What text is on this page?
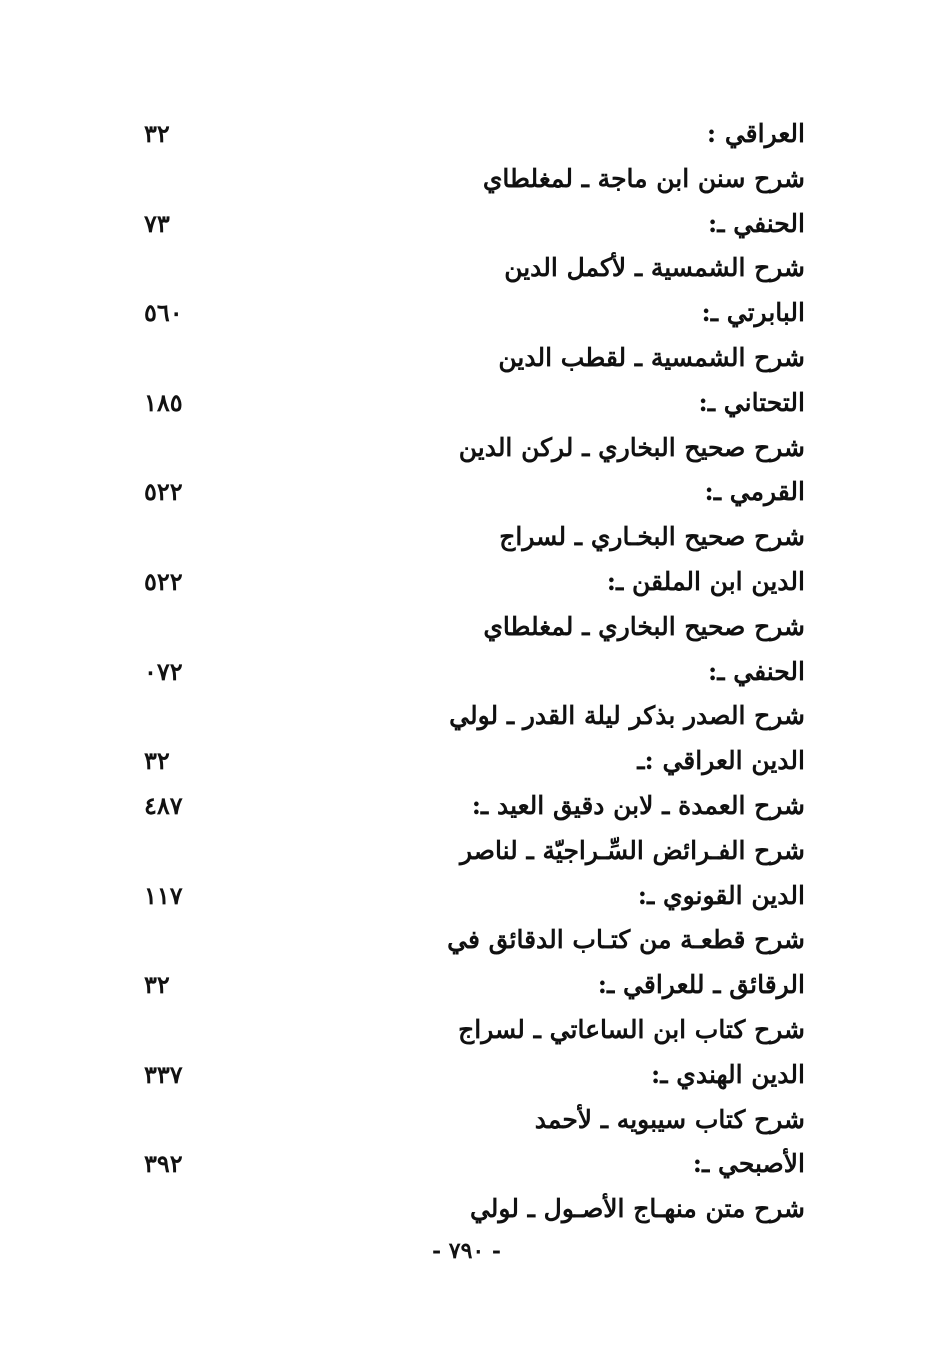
العراقي :
٣٢
شرح سنن ابن ماجة ـ لمغلطاي
الحنفي ـ:
٧٣
شرح الشمسية ـ لأكمل الدين
البابرتي ـ:
٥٦٠
شرح الشمسية ـ لقطب الدين
التحتاني ـ:
١٨٥
شرح صحيح البخاري ـ لركن الدين
القرمي ـ:
٥٢٢
شرح صحيح البخـاري ـ لسراج
الدين ابن الملقن ـ:
٥٢٢
شرح صحيح البخاري ـ لمغلطاي
الحنفي ـ:
٠٧٢
شرح الصدر بذكر ليلة القدر ـ لولي
الدين العراقي :ـ
٣٢
شرح العمدة ـ لابن دقيق العيد ـ:
٤٨٧
شرح الفـرائض السِّـراجيّة ـ لناصر
الدين القونوي ـ:
١١٧
شرح قطعـة من كتـاب الدقائق في
الرقائق ـ للعراقي ـ:
٣٢
شرح كتاب ابن الساعاتي ـ لسراج
الدين الهندي ـ:
٣٣٧
شرح كتاب سيبويه ـ لأحمد
الأصبحي ـ:
٣٩٢
شرح متن منهـاج الأصـول ـ لولي
- ٧٩٠ -
